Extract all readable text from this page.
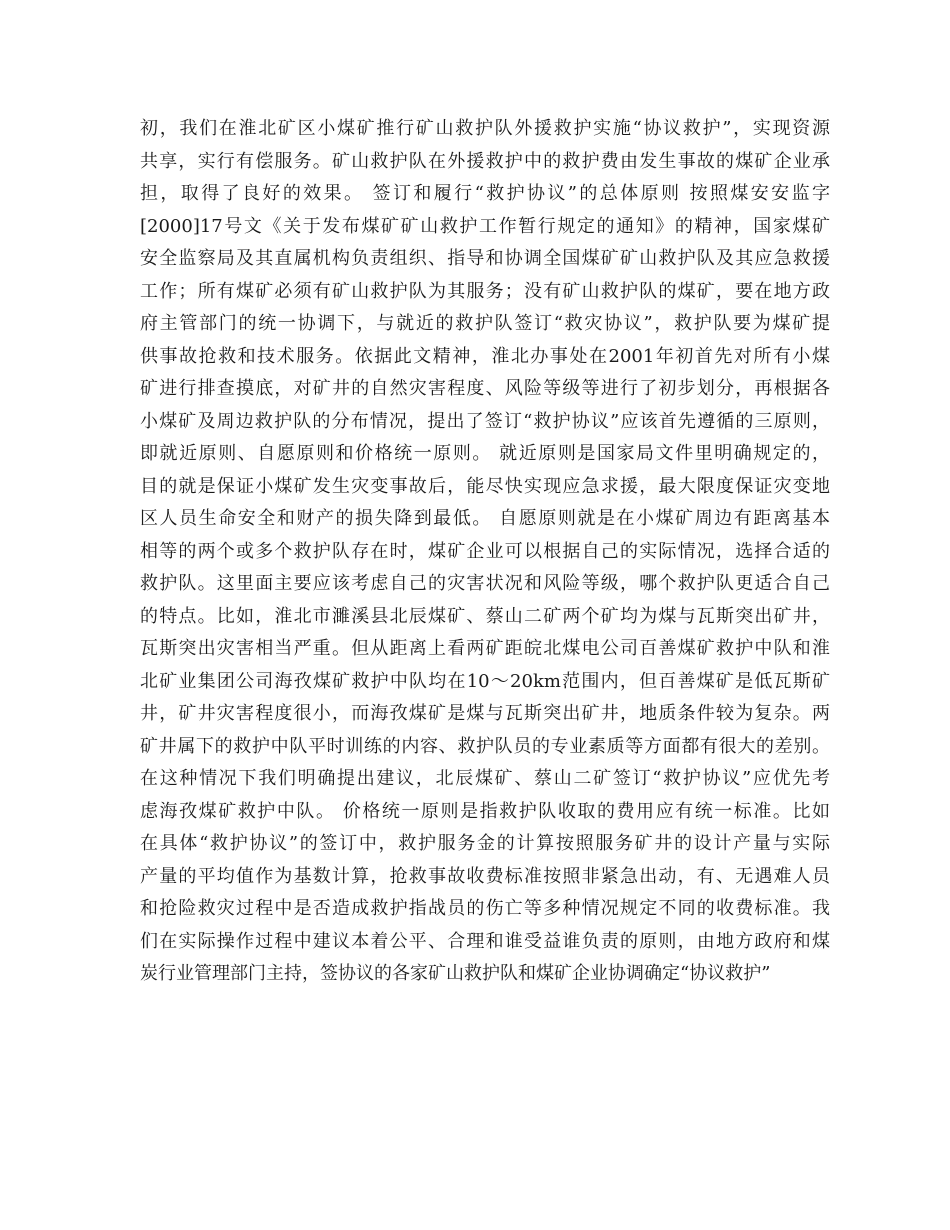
初，我们在淮北矿区小煤矿推行矿山救护队外援救护实施“协议救护”，实现资源
共享，实行有偿服务。矿山救护队在外援救护中的救护费由发生事故的煤矿企业承
担，取得了良好的效果。 签订和履行“救护协议”的总体原则 按照煤安安监字
[2000]17号文《关于发布煤矿矿山救护工作暂行规定的通知》的精神，国家煤矿
安全监察局及其直属机构负责组织、指导和协调全国煤矿矿山救护队及其应急救援
工作；所有煤矿必须有矿山救护队为其服务；没有矿山救护队的煤矿，要在地方政
府主管部门的统一协调下，与就近的救护队签订“救灾协议”，救护队要为煤矿提
供事故抢救和技术服务。依据此文精神，淮北办事处在2001年初首先对所有小煤
矿进行排查摸底，对矿井的自然灾害程度、风险等级等进行了初步划分，再根据各
小煤矿及周边救护队的分布情况，提出了签订“救护协议”应该首先遵循的三原则，
即就近原则、自愿原则和价格统一原则。 就近原则是国家局文件里明确规定的，
目的就是保证小煤矿发生灾变事故后，能尽快实现应急求援，最大限度保证灾变地
区人员生命安全和财产的损失降到最低。 自愿原则就是在小煤矿周边有距离基本
相等的两个或多个救护队存在时，煤矿企业可以根据自己的实际情况，选择合适的
救护队。这里面主要应该考虑自己的灾害状况和风险等级，哪个救护队更适合自己
的特点。比如，淮北市濉溪县北辰煤矿、蔡山二矿两个矿均为煤与瓦斯突出矿井，
瓦斯突出灾害相当严重。但从距离上看两矿距皖北煤电公司百善煤矿救护中队和淮
北矿业集团公司海孜煤矿救护中队均在10～20km范围内，但百善煤矿是低瓦斯矿
井，矿井灾害程度很小，而海孜煤矿是煤与瓦斯突出矿井，地质条件较为复杂。两
矿井属下的救护中队平时训练的内容、救护队员的专业素质等方面都有很大的差别。
在这种情况下我们明确提出建议，北辰煤矿、蔡山二矿签订“救护协议”应优先考
虑海孜煤矿救护中队。 价格统一原则是指救护队收取的费用应有统一标准。比如
在具体“救护协议”的签订中，救护服务金的计算按照服务矿井的设计产量与实际
产量的平均值作为基数计算，抢救事故收费标准按照非紧急出动，有、无遇难人员
和抢险救灾过程中是否造成救护指战员的伤亡等多种情况规定不同的收费标准。我
们在实际操作过程中建议本着公平、合理和谁受益谁负责的原则，由地方政府和煤
炭行业管理部门主持，签协议的各家矿山救护队和煤矿企业协调确定“协议救护”
